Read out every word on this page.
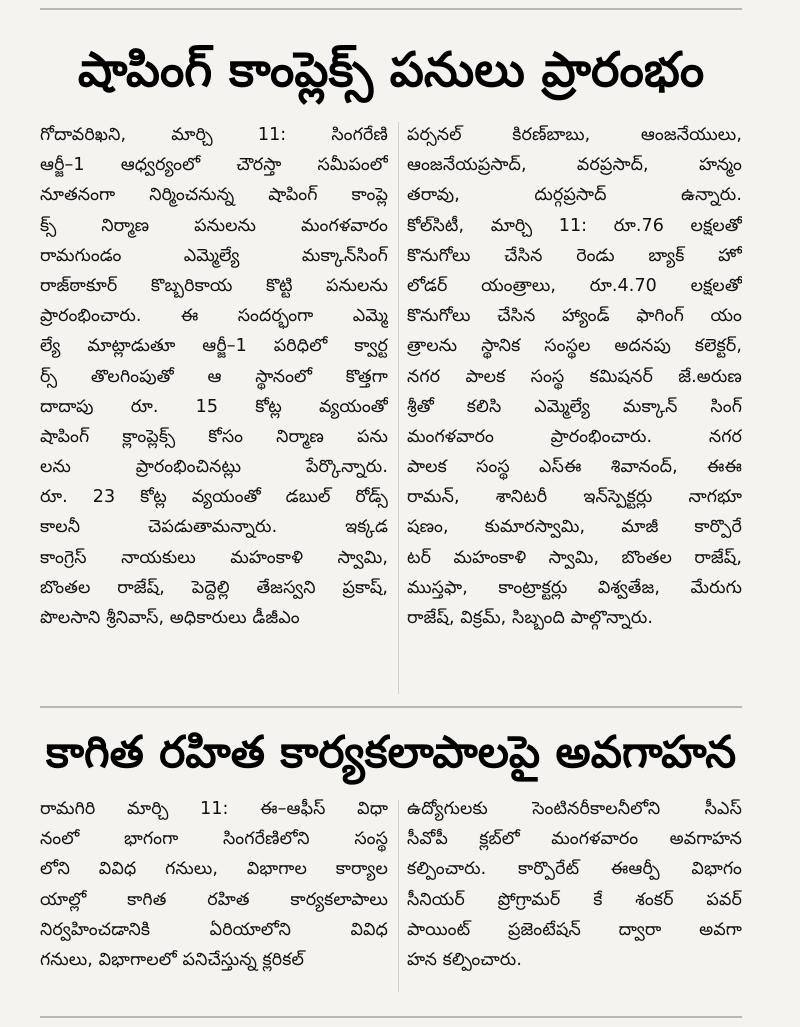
షాపింగ్ కాంప్లెక్స్ పనులు ప్రారంభం
గోదావరిఖని, మార్చి 11: సింగరేణి
ఆర్జీ–1 ఆధ్వర్యంలో చౌరస్తా సమీపంలో
నూతనంగా నిర్మించనున్న షాపింగ్ కాంప్లె
క్స్ నిర్మాణ పనులను మంగళవారం
రామగుండం ఎమ్మెల్యే మక్కాన్‌సింగ్
రాజ్‌ఠాకూర్ కొబ్బరికాయ కొట్టి పనులను
ప్రారంభించారు. ఈ సందర్భంగా ఎమ్మె
ల్యే మాట్లాడుతూ ఆర్జీ–1 పరిధిలో క్వార్ట
ర్స్ తొలగింపుతో ఆ స్థానంలో కొత్తగా
దాదాపు రూ. 15 కోట్ల వ్యయంతో
షాపింగ్ క్లాంప్లెక్స్ కోసం నిర్మాణ పను
లను ప్రారంభించినట్లు పేర్కొన్నారు.
రూ. 23 కోట్ల వ్యయంతో డబుల్ రోడ్స్
కాలనీ చెపడుతామన్నారు. ఇక్కడ
కాంగ్రెస్ నాయకులు మహంకాళి స్వామి,
బొంతల రాజేష్, పెద్దెల్లి తేజస్వని ప్రకాష్,
పొలసాని శ్రీనివాస్, అధికారులు డీజీఎం
పర్సనల్ కిరణ్‌బాబు, ఆంజనేయులు,
ఆంజనేయప్రసాద్, వరప్రసాద్, హన్మం
తరావు, దుర్గప్రసాద్ ఉన్నారు.
కోల్‌సిటీ, మార్చి 11: రూ.76 లక్షలతో
కొనుగోలు చేసిన రెండు బ్యాక్ హో
లోడర్ యంత్రాలు, రూ.4.70 లక్షలతో
కొనుగోలు చేసిన హ్యాండ్ ఫాగింగ్ యం
త్రాలను స్థానిక సంస్థల అదనపు కలెక్టర్,
నగర పాలక సంస్థ కమిషనర్ జే.అరుణ
శ్రీతో కలిసి ఎమ్మెల్యే మక్కాన్ సింగ్
మంగళవారం ప్రారంభించారు. నగర
పాలక సంస్థ ఎస్ఈ శివానంద్, ఈఈ
రామన్, శానిటరీ ఇన్‌స్పెక్టర్లు నాగభూ
షణం, కుమారస్వామి, మాజీ కార్పొరే
టర్ మహంకాళి స్వామి, బొంతల రాజేష్,
ముస్తఫా, కాంట్రాక్టర్లు విశ్వతేజ, మేరుగు
రాజేష్, విక్రమ్, సిబ్బంది పాల్గొన్నారు.
కాగిత రహిత కార్యకలాపాలపై అవగాహన
రామగిరి మార్చి 11: ఈ–ఆఫీస్ విధా
నంలో భాగంగా సింగరేణిలోని సంస్థ
లోని వివిధ గనులు, విభాగాల కార్యాల
యాల్లో కాగిత రహిత కార్యకలాపాలు
నిర్వహించడానికి ఏరియాలోని వివిధ
గనులు, విభాగాలలో పనిచేస్తున్న క్లరికల్
ఉద్యోగులకు సెంటినరీకాలనీలోని సీఎస్
సీవోపీ క్లబ్‌లో మంగళవారం అవగాహన
కల్పించారు. కార్పొరేట్ ఈఆర్పీ విభాగం
సీనియర్ ప్రోగ్రామర్ కే శంకర్ పవర్
పాయింట్ ప్రజెంటేషన్ ద్వారా అవగా
హన కల్పించారు.
